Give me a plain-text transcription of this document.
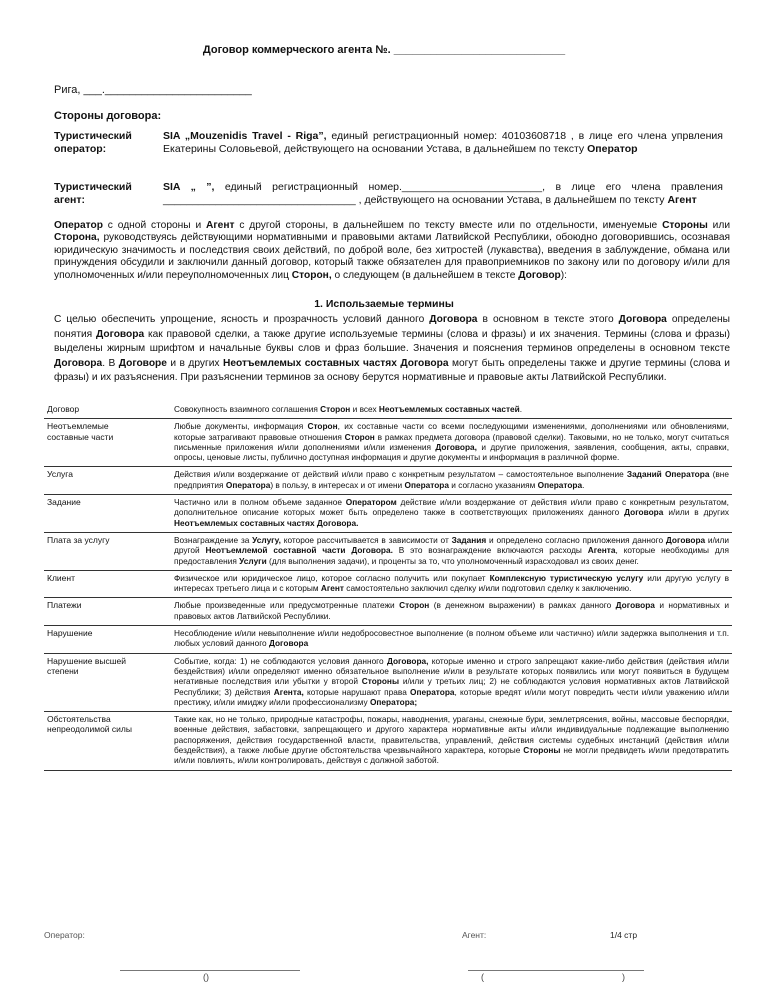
Договор коммерческого агента №. ____________________________
Рига, ___.________________________
Стороны договора:
Туристический оператор:
SIA „Mouzenidis Travel - Riga”, единый регистрационный номер: 40103608718 , в лице его члена упрвления Екатерины Соловьевой, действующего на основании Устава, в дальнейшем по тексту Оператор
Туристический агент:
SIA „ ”, единый регистрационный номер.________________________, в лице его члена правления _________________________________ , действующего на основании Устава, в дальнейшем по тексту Агент
Оператор с одной стороны и Агент с другой стороны, в дальнейшем по тексту вместе или по отдельности, именуемые Стороны или Сторона, руководствуясь действующими нормативными и правовыми актами Латвийской Республики, обоюдно договорившись, осознавая юридическую значимость и последствия своих действий, по доброй воле, без хитростей (лукавства), введения в заблуждение, обмана или принуждения обсудили и заключили данный договор, который также обязателен для правоприемников по закону или по договору и/или для уполномоченных и/или переуполномоченных лиц Сторон, о следующем (в дальнейшем в тексте Договор):
1. Использаемые термины
С целью обеспечить упрощение, ясность и прозрачность условий данного Договора в основном в тексте этого Договора определены понятия Договора как правовой сделки, а также другие используемые термины (слова и фразы) и их значения. Термины (слова и фразы) выделены жирным шрифтом и начальные буквы слов и фраз большие. Значения и пояснения терминов определены в основном тексте Договора. В Договоре и в других Неотъемлемых составных частях Договора могут быть определены также и другие термины (слова и фразы) и их разъяснения. При разъяснении терминов за основу берутся нормативные и правовые акты Латвийской Республики.
Договор	Совокупность взаимного соглашения Сторон и всех Неотъемлемых составных частей.
Неотъемлемые составные части	Любые документы, информация Сторон, их составные части со всеми последующими изменениями, дополнениями или обновлениями, которые затрагивают правовые отношения Сторон в рамках предмета договора (правовой сделки). Таковыми, но не только, могут считаться письменные приложения и/или дополнениями и/или изменения Договора, и другие приложения, заявления, сообщения, акты, справки, опросы, ценовые листы, публично доступная информация и другие документы и информация в различной форме.
Услуга	Действия и/или воздержание от действий и/или право с конкретным результатом – самостоятельное выполнение Заданий Оператора (вне предприятия Оператора) в пользу, в интересах и от имени Оператора и согласно указаниям Оператора.
Задание	Частично или в полном объеме заданное Оператором действие и/или воздержание от действия и/или право с конкретным результатом, дополнительное описание которых может быть определено также в соответствующих приложениях данного Договора и/или в других Неотъемлемых составных частях Договора.
Плата за услугу	Вознаграждение за Услугу, которое рассчитывается в зависимости от Задания и определено согласно приложения данного Договора и/или другой Неотъемлемой составной части Договора. В это вознаграждение включаются расходы Агента, которые необходимы для предоставления Услуги (для выполнения задачи), и проценты за то, что уполномоченный израсходовал из своих денег.
Клиент	Физическое или юридическое лицо, которое согласно получить или покупает Комплексную туристическую услугу или другую услугу в интересах третьего лица и с которым Агент самостоятельно заключил сделку и/или подготовил сделку к заключению.
Платежи	Любые произведенные или предусмотренные платежи Сторон (в денежном выражении) в рамках данного Договора и нормативных и правовых актов Латвийской Республики.
Нарушение	Несоблюдение и/или невыполнение и/или недобросовестное выполнение (в полном объеме или частично) и/или задержка выполнения и т.п. любых условий данного Договора
Нарушение высшей степени	Событие, когда: 1) не соблюдаются условия данного Договора, которые именно и строго запрещают какие-либо действия (действия и/или бездействия) и/или определяют именно обязательное выполнение и/или в результате которых появились или могут появиться в будущем негативные последствия или убытки у второй Стороны и/или у третьих лиц; 2) не соблюдаются условия нормативных актов Латвийской Республики; 3) действия Агента, которые нарушают права Оператора, которые вредят и/или могут повредить чести и/или уважению и/или престижу, и/или имиджу и/или профессионализму Оператора;
Обстоятельства непреодолимой силы	Такие как, но не только, природные катастрофы, пожары, наводнения, ураганы, снежные бури, землетрясения, войны, массовые беспорядки, военные действия, забастовки, запрещающего и другого характера нормативные акты и/или индивидуальные подлежащие выполнению распоряжения, действия государственной власти, правительства, управлений, действия системы судебных инстанций (действия и/или бездействия), а также любые другие обстоятельства чрезвычайного характера, которые Стороны не могли предвидеть и/или предотвратить и/или повлиять, и/или контролировать, действуя с должной заботой.
Оператор:	Агент:	1/4 стр
()	(	)
